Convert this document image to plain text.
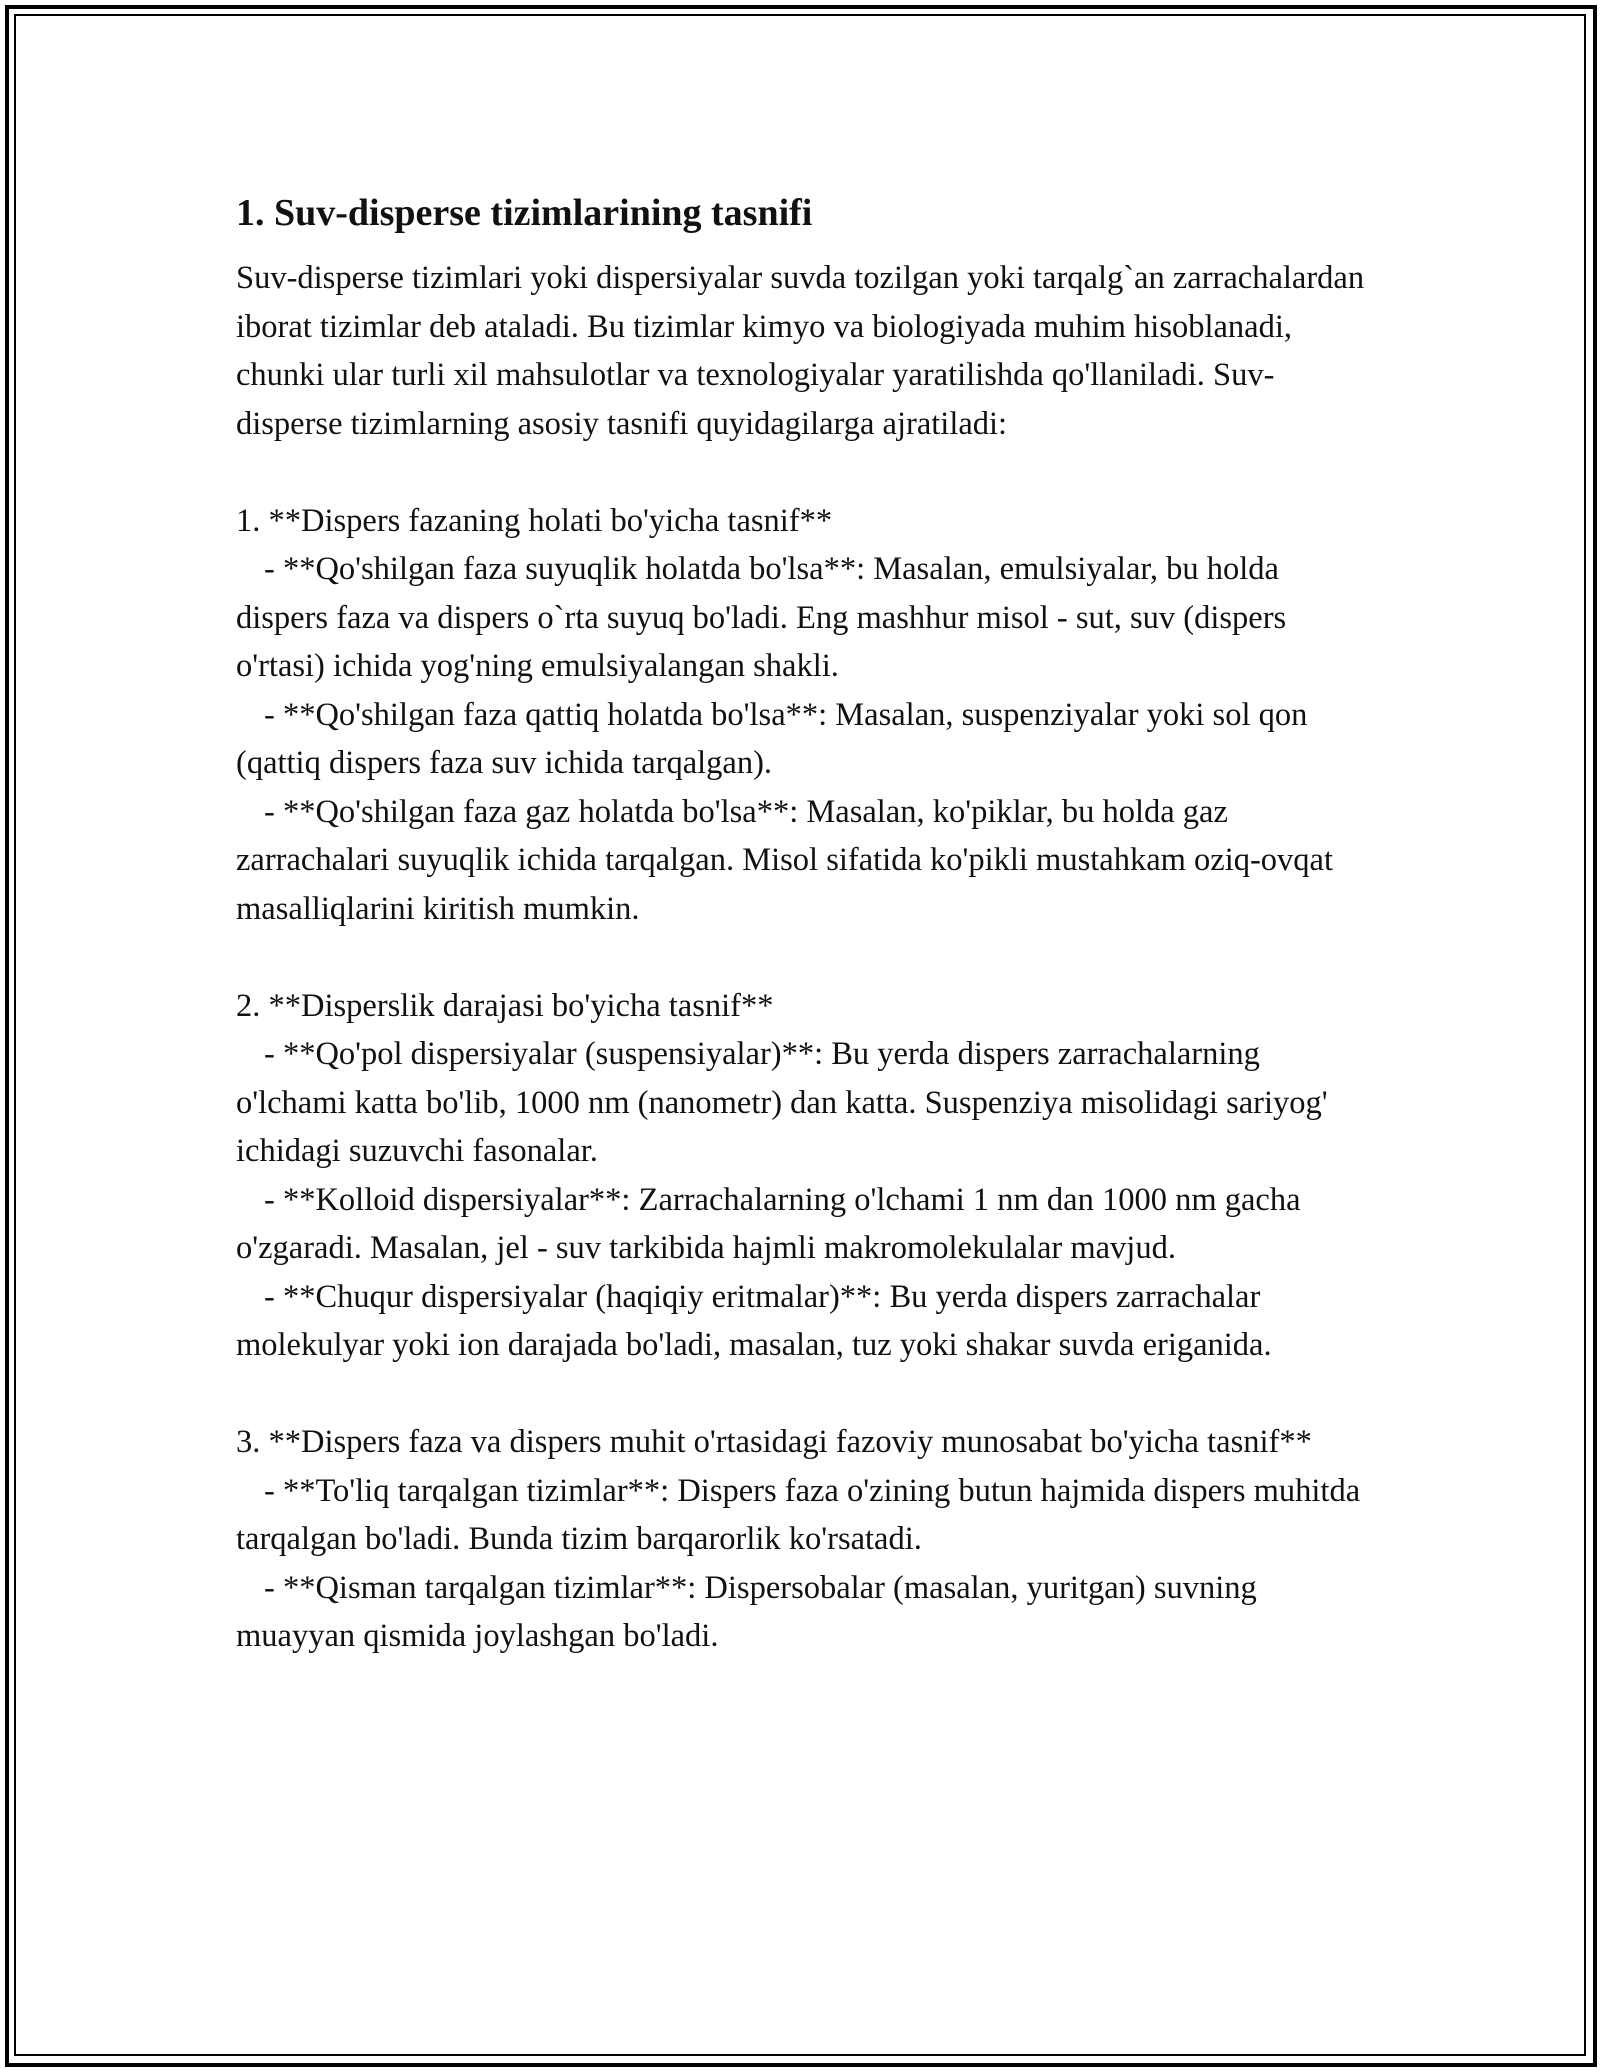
1. Suv-disperse tizimlarining tasnifi

Suv-disperse tizimlari yoki dispersiyalar suvda tozilgan yoki tarqalg`an zarrachalardan iborat tizimlar deb ataladi. Bu tizimlar kimyo va biologiyada muhim hisoblanadi, chunki ular turli xil mahsulotlar va texnologiyalar yaratilishda qo'llaniladi. Suv-disperse tizimlarning asosiy tasnifi quyidagilarga ajratiladi:

1. **Dispers fazaning holati bo'yicha tasnif**

- **Qo'shilgan faza suyuqlik holatda bo'lsa**: Masalan, emulsiyalar, bu holda dispers faza va dispers o`rta suyuq bo'ladi. Eng mashhur misol - sut, suv (dispers o'rtasi) ichida yog'ning emulsiyalangan shakli.

- **Qo'shilgan faza qattiq holatda bo'lsa**: Masalan, suspenziyalar yoki sol qon (qattiq dispers faza suv ichida tarqalgan).

- **Qo'shilgan faza gaz holatda bo'lsa**: Masalan, ko'piklar, bu holda gaz zarrachalari suyuqlik ichida tarqalgan. Misol sifatida ko'pikli mustahkam oziq-ovqat masalliqlarini kiritish mumkin.

2. **Disperslik darajasi bo'yicha tasnif**

- **Qo'pol dispersiyalar (suspensiyalar)**: Bu yerda dispers zarrachalarning o'lchami katta bo'lib, 1000 nm (nanometr) dan katta. Suspenziya misolidagi sariyog' ichidagi suzuvchi fasonalar.

- **Kolloid dispersiyalar**: Zarrachalarning o'lchami 1 nm dan 1000 nm gacha o'zgaradi. Masalan, jel - suv tarkibida hajmli makromolekulalar mavjud.

- **Chuqur dispersiyalar (haqiqiy eritmalar)**: Bu yerda dispers zarrachalar molekulyar yoki ion darajada bo'ladi, masalan, tuz yoki shakar suvda eriganida.

3. **Dispers faza va dispers muhit o'rtasidagi fazoviy munosabat bo'yicha tasnif**

- **To'liq tarqalgan tizimlar**: Dispers faza o'zining butun hajmida dispers muhitda tarqalgan bo'ladi. Bunda tizim barqarorlik ko'rsatadi.

- **Qisman tarqalgan tizimlar**: Dispersobalar (masalan, yuritgan) suvning muayyan qismida joylashgan bo'ladi.
